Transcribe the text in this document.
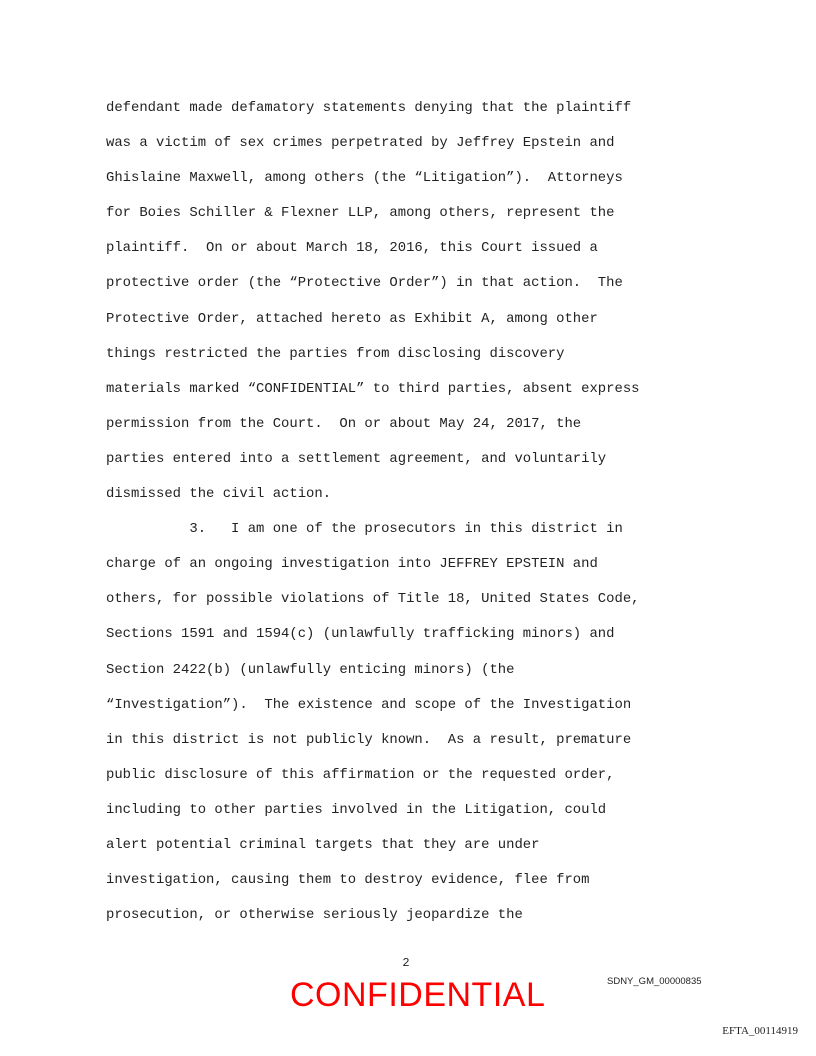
defendant made defamatory statements denying that the plaintiff
was a victim of sex crimes perpetrated by Jeffrey Epstein and
Ghislaine Maxwell, among others (the “Litigation”).  Attorneys
for Boies Schiller & Flexner LLP, among others, represent the
plaintiff.  On or about March 18, 2016, this Court issued a
protective order (the “Protective Order”) in that action.  The
Protective Order, attached hereto as Exhibit A, among other
things restricted the parties from disclosing discovery
materials marked “CONFIDENTIAL” to third parties, absent express
permission from the Court.  On or about May 24, 2017, the
parties entered into a settlement agreement, and voluntarily
dismissed the civil action.
3.   I am one of the prosecutors in this district in
charge of an ongoing investigation into JEFFREY EPSTEIN and
others, for possible violations of Title 18, United States Code,
Sections 1591 and 1594(c) (unlawfully trafficking minors) and
Section 2422(b) (unlawfully enticing minors) (the
“Investigation”).  The existence and scope of the Investigation
in this district is not publicly known.  As a result, premature
public disclosure of this affirmation or the requested order,
including to other parties involved in the Litigation, could
alert potential criminal targets that they are under
investigation, causing them to destroy evidence, flee from
prosecution, or otherwise seriously jeopardize the
2
SDNY_GM_00000835
CONFIDENTIAL
EFTA_00114919
